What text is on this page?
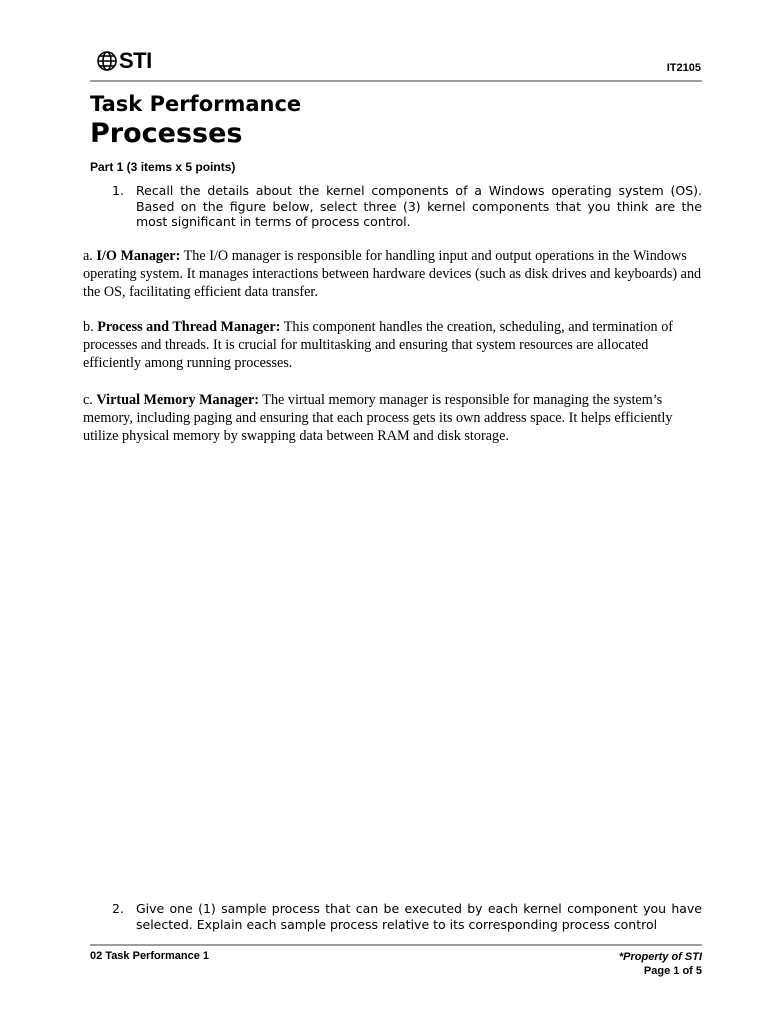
STI	IT2105
Task Performance
Processes
Part 1 (3 items x 5 points)
1. Recall the details about the kernel components of a Windows operating system (OS). Based on the figure below, select three (3) kernel components that you think are the most significant in terms of process control.
a. I/O Manager: The I/O manager is responsible for handling input and output operations in the Windows operating system. It manages interactions between hardware devices (such as disk drives and keyboards) and the OS, facilitating efficient data transfer.
b. Process and Thread Manager: This component handles the creation, scheduling, and termination of processes and threads. It is crucial for multitasking and ensuring that system resources are allocated efficiently among running processes.
c. Virtual Memory Manager: The virtual memory manager is responsible for managing the system’s memory, including paging and ensuring that each process gets its own address space. It helps efficiently utilize physical memory by swapping data between RAM and disk storage.
2. Give one (1) sample process that can be executed by each kernel component you have selected. Explain each sample process relative to its corresponding process control
02 Task Performance 1	*Property of STI
Page 1 of 5
